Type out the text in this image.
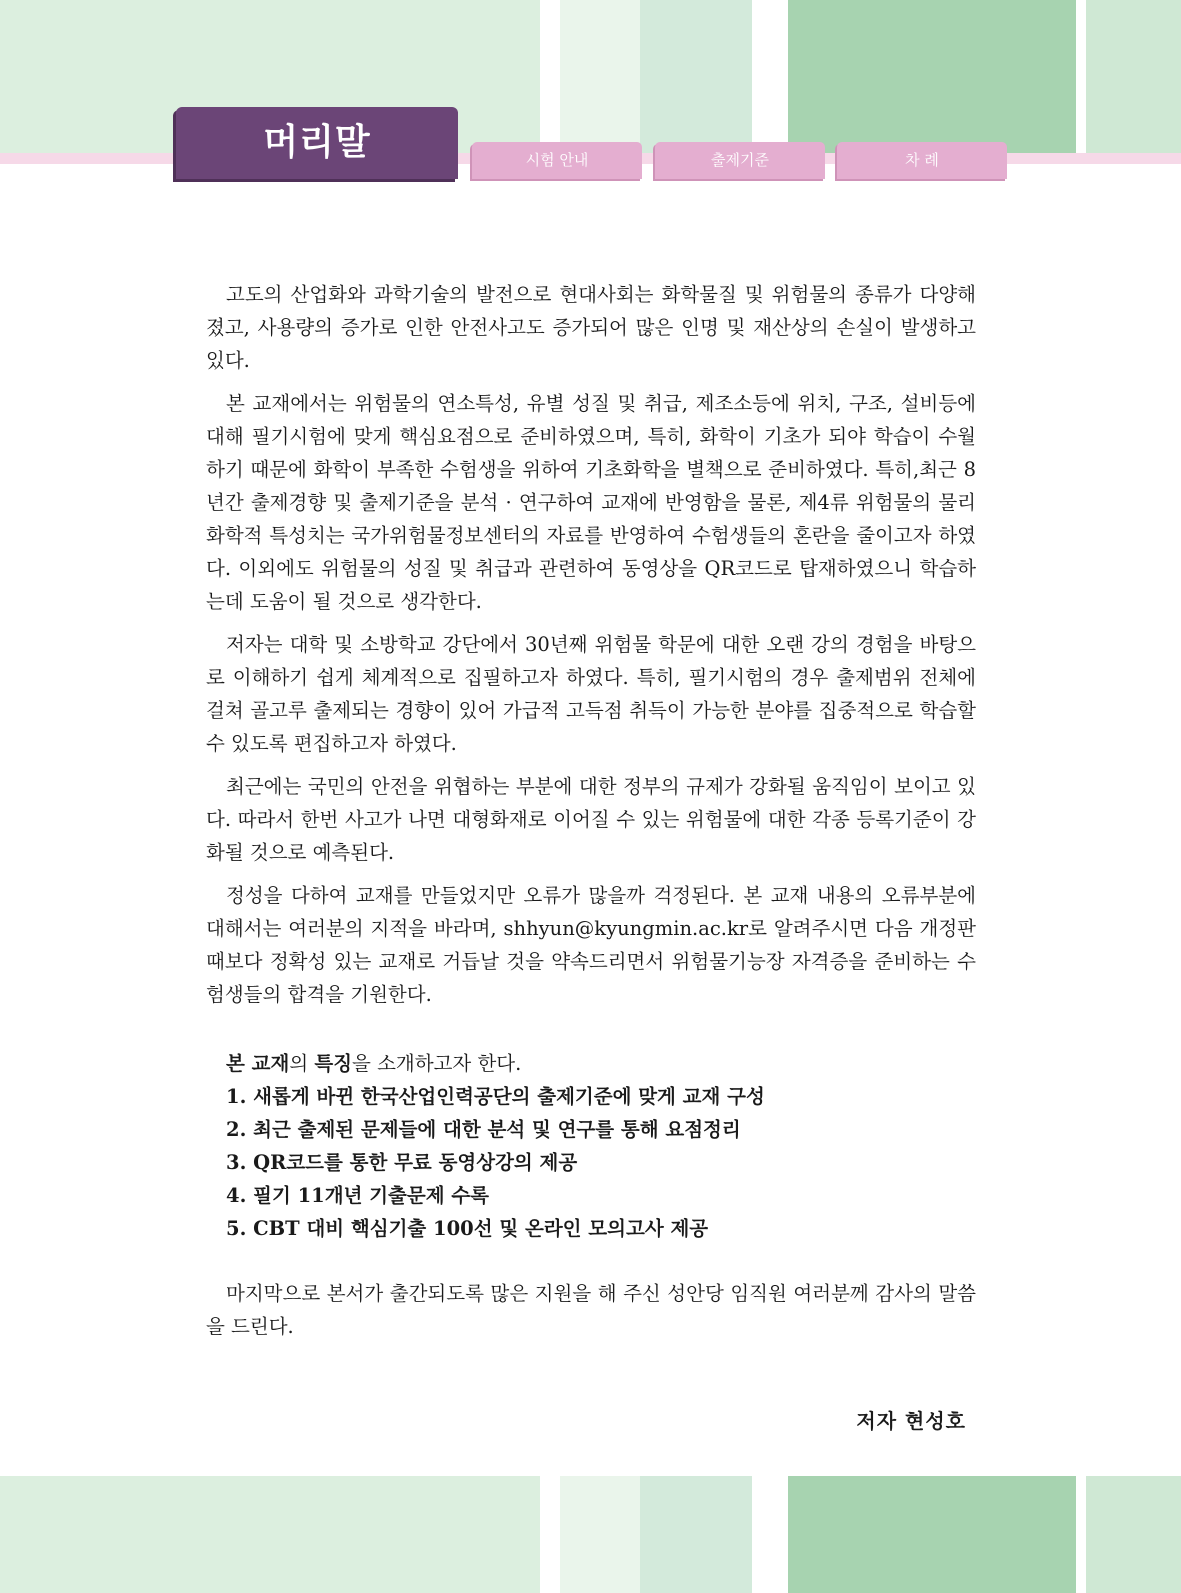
머리말	시험 안내	출제기준	차 례

고도의 산업화와 과학기술의 발전으로 현대사회는 화학물질 및 위험물의 종류가 다양해졌고, 사용량의 증가로 인한 안전사고도 증가되어 많은 인명 및 재산상의 손실이 발생하고 있다.

본 교재에서는 위험물의 연소특성, 유별 성질 및 취급, 제조소등에 위치, 구조, 설비등에 대해 필기시험에 맞게 핵심요점으로 준비하였으며, 특히, 화학이 기초가 되야 학습이 수월하기 때문에 화학이 부족한 수험생을 위하여 기초화학을 별책으로 준비하였다. 특히,최근 8년간 출제경향 및 출제기준을 분석 · 연구하여 교재에 반영함을 물론, 제4류 위험물의 물리 화학적 특성치는 국가위험물정보센터의 자료를 반영하여 수험생들의 혼란을 줄이고자 하였다. 이외에도 위험물의 성질 및 취급과 관련하여 동영상을 QR코드로 탑재하였으니 학습하는데 도움이 될 것으로 생각한다.

저자는 대학 및 소방학교 강단에서 30년째 위험물 학문에 대한 오랜 강의 경험을 바탕으로 이해하기 쉽게 체계적으로 집필하고자 하였다. 특히, 필기시험의 경우 출제범위 전체에 걸쳐 골고루 출제되는 경향이 있어 가급적 고득점 취득이 가능한 분야를 집중적으로 학습할 수 있도록 편집하고자 하였다.

최근에는 국민의 안전을 위협하는 부분에 대한 정부의 규제가 강화될 움직임이 보이고 있다. 따라서 한번 사고가 나면 대형화재로 이어질 수 있는 위험물에 대한 각종 등록기준이 강화될 것으로 예측된다.

정성을 다하여 교재를 만들었지만 오류가 많을까 걱정된다. 본 교재 내용의 오류부분에 대해서는 여러분의 지적을 바라며, shhyun@kyungmin.ac.kr로 알려주시면 다음 개정판 때보다 정확성 있는 교재로 거듭날 것을 약속드리면서 위험물기능장 자격증을 준비하는 수험생들의 합격을 기원한다.

본 교재의 특징을 소개하고자 한다.

1. 새롭게 바뀐 한국산업인력공단의 출제기준에 맞게 교재 구성

2. 최근 출제된 문제들에 대한 분석 및 연구를 통해 요점정리

3. QR코드를 통한 무료 동영상강의 제공

4. 필기 11개년 기출문제 수록

5. CBT 대비 핵심기출 100선 및 온라인 모의고사 제공

마지막으로 본서가 출간되도록 많은 지원을 해 주신 성안당 임직원 여러분께 감사의 말씀을 드린다.

저자 현성호
